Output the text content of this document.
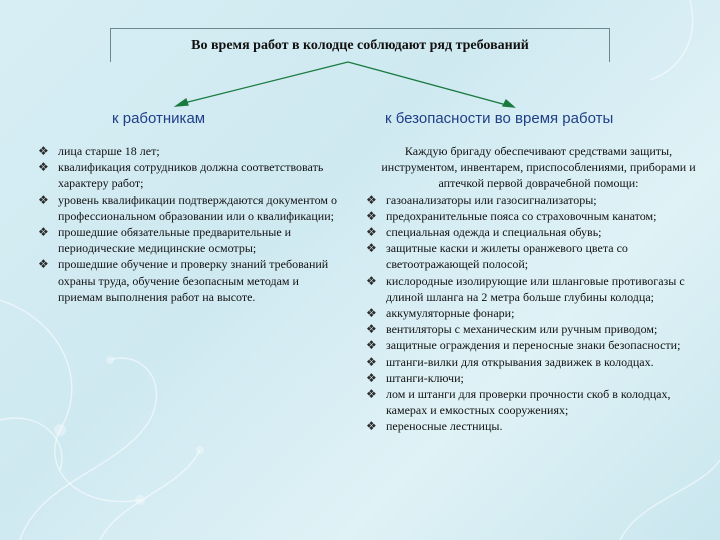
Во время работ в колодце соблюдают ряд требований
к работникам	к безопасности во время работы
❖ лица старше 18 лет;
❖ квалификация сотрудников должна соответствовать характеру работ;
❖ уровень квалификации подтверждаются документом о профессиональном образовании или о квалификации;
❖ прошедшие обязательные предварительные и периодические медицинские осмотры;
❖ прошедшие обучение и проверку знаний требований охраны труда, обучение безопасным методам и приемам выполнения работ на высоте.

Каждую бригаду обеспечивают средствами защиты, инструментом, инвентарем, приспособлениями, приборами и аптечкой первой доврачебной помощи:

❖ газоанализаторы или газосигнализаторы;
❖ предохранительные пояса со страховочным канатом;
❖ специальная одежда и специальная обувь;
❖ защитные каски и жилеты оранжевого цвета со светоотражающей полосой;
❖ кислородные изолирующие или шланговые противогазы с длиной шланга на 2 метра больше глубины колодца;
❖ аккумуляторные фонари;
❖ вентиляторы с механическим или ручным приводом;
❖ защитные ограждения и переносные знаки безопасности;
❖ штанги-вилки для открывания задвижек в колодцах.
❖ штанги-ключи;
❖ лом и штанги для проверки прочности скоб в колодцах, камерах и емкостных сооружениях;
❖ переносные лестницы.
